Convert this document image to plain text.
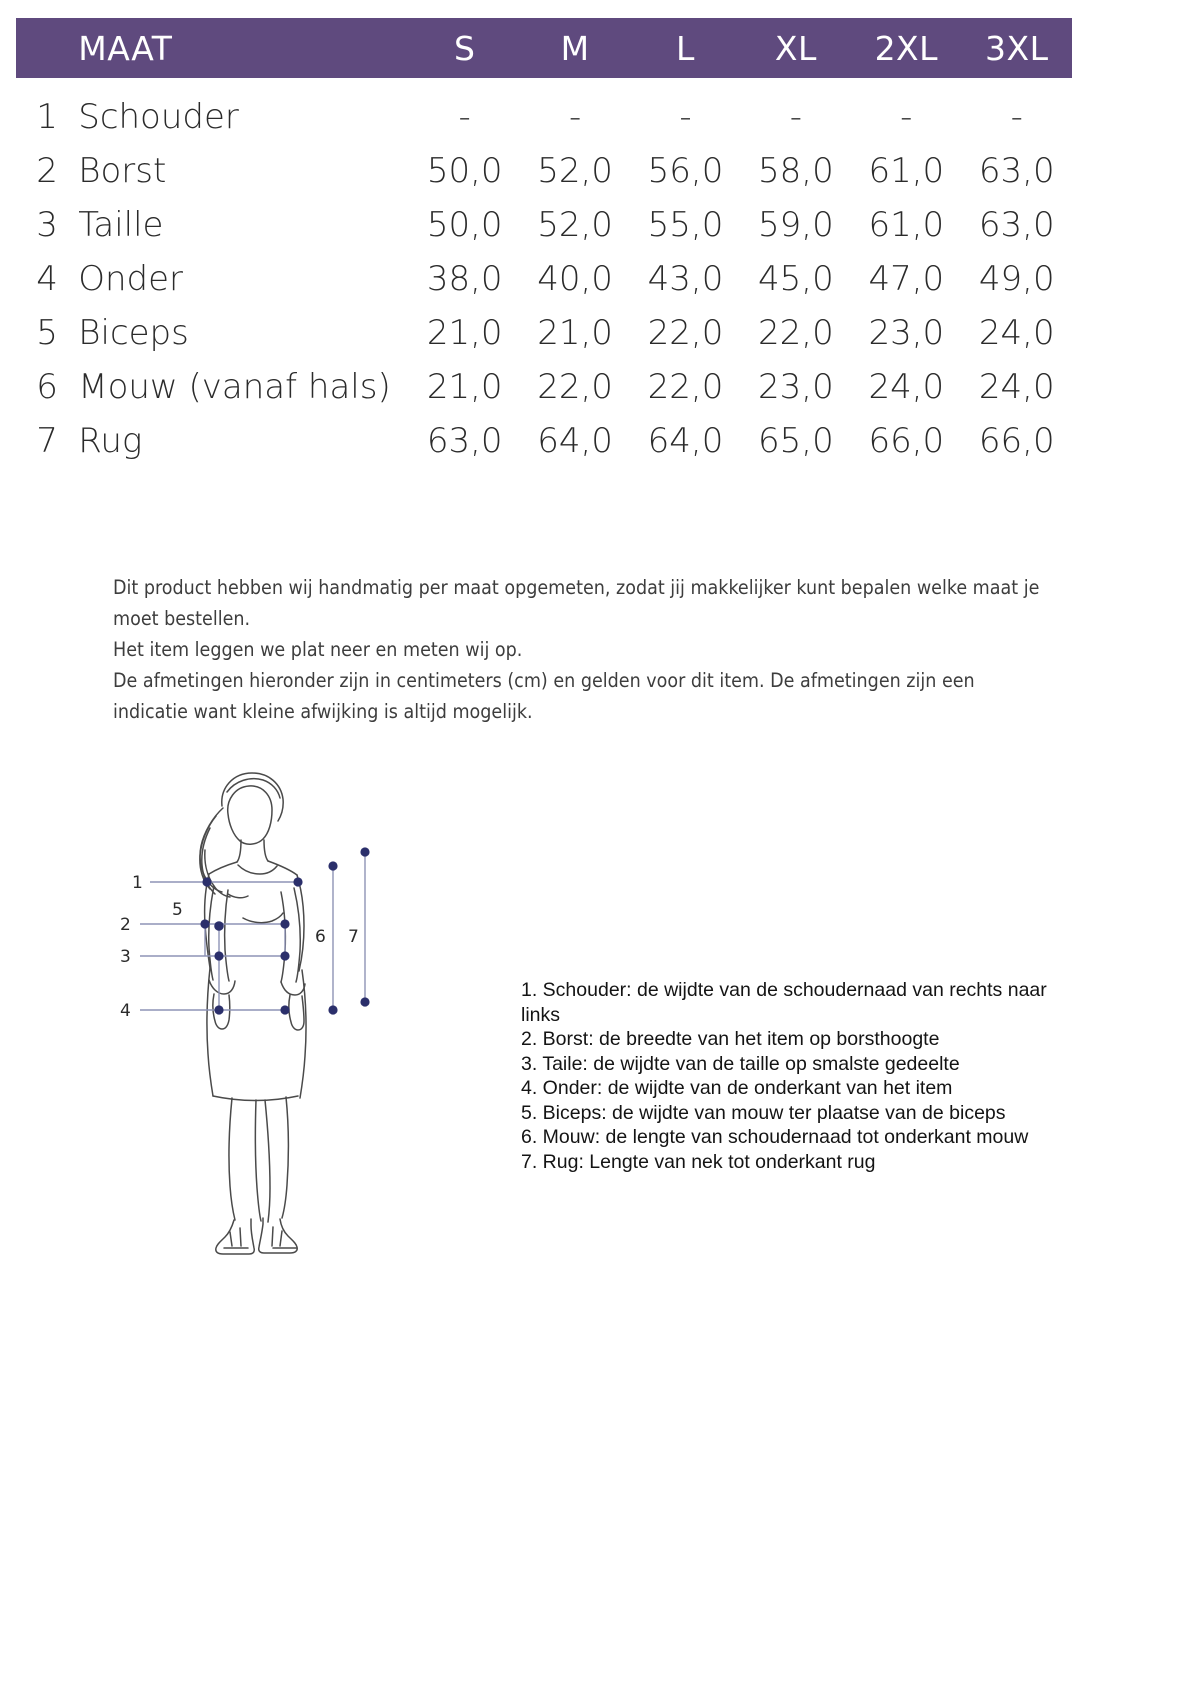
	MAAT	S	M	L	XL	2XL	3XL
1	Schouder	-	-	-	-	-	-
2	Borst	50,0	52,0	56,0	58,0	61,0	63,0
3	Taille	50,0	52,0	55,0	59,0	61,0	63,0
4	Onder	38,0	40,0	43,0	45,0	47,0	49,0
5	Biceps	21,0	21,0	22,0	22,0	23,0	24,0
6	Mouw (vanaf hals)	21,0	22,0	22,0	23,0	24,0	24,0
7	Rug	63,0	64,0	64,0	65,0	66,0	66,0

Dit product hebben wij handmatig per maat opgemeten, zodat jij makkelijker kunt bepalen welke maat je moet bestellen.

Het item leggen we plat neer en meten wij op.

De afmetingen hieronder zijn in centimeters (cm) en gelden voor dit item. De afmetingen zijn een indicatie want kleine afwijking is altijd mogelijk.

1
2
3
4
5
6 7
1. Schouder: de wijdte van de schoudernaad van rechts naar links
2. Borst: de breedte van het item op borsthoogte
3. Taile: de wijdte van de taille op smalste gedeelte
4. Onder: de wijdte van de onderkant van het item
5. Biceps: de wijdte van mouw ter plaatse van de biceps
6. Mouw: de lengte van schoudernaad tot onderkant mouw
7. Rug: Lengte van nek tot onderkant rug
